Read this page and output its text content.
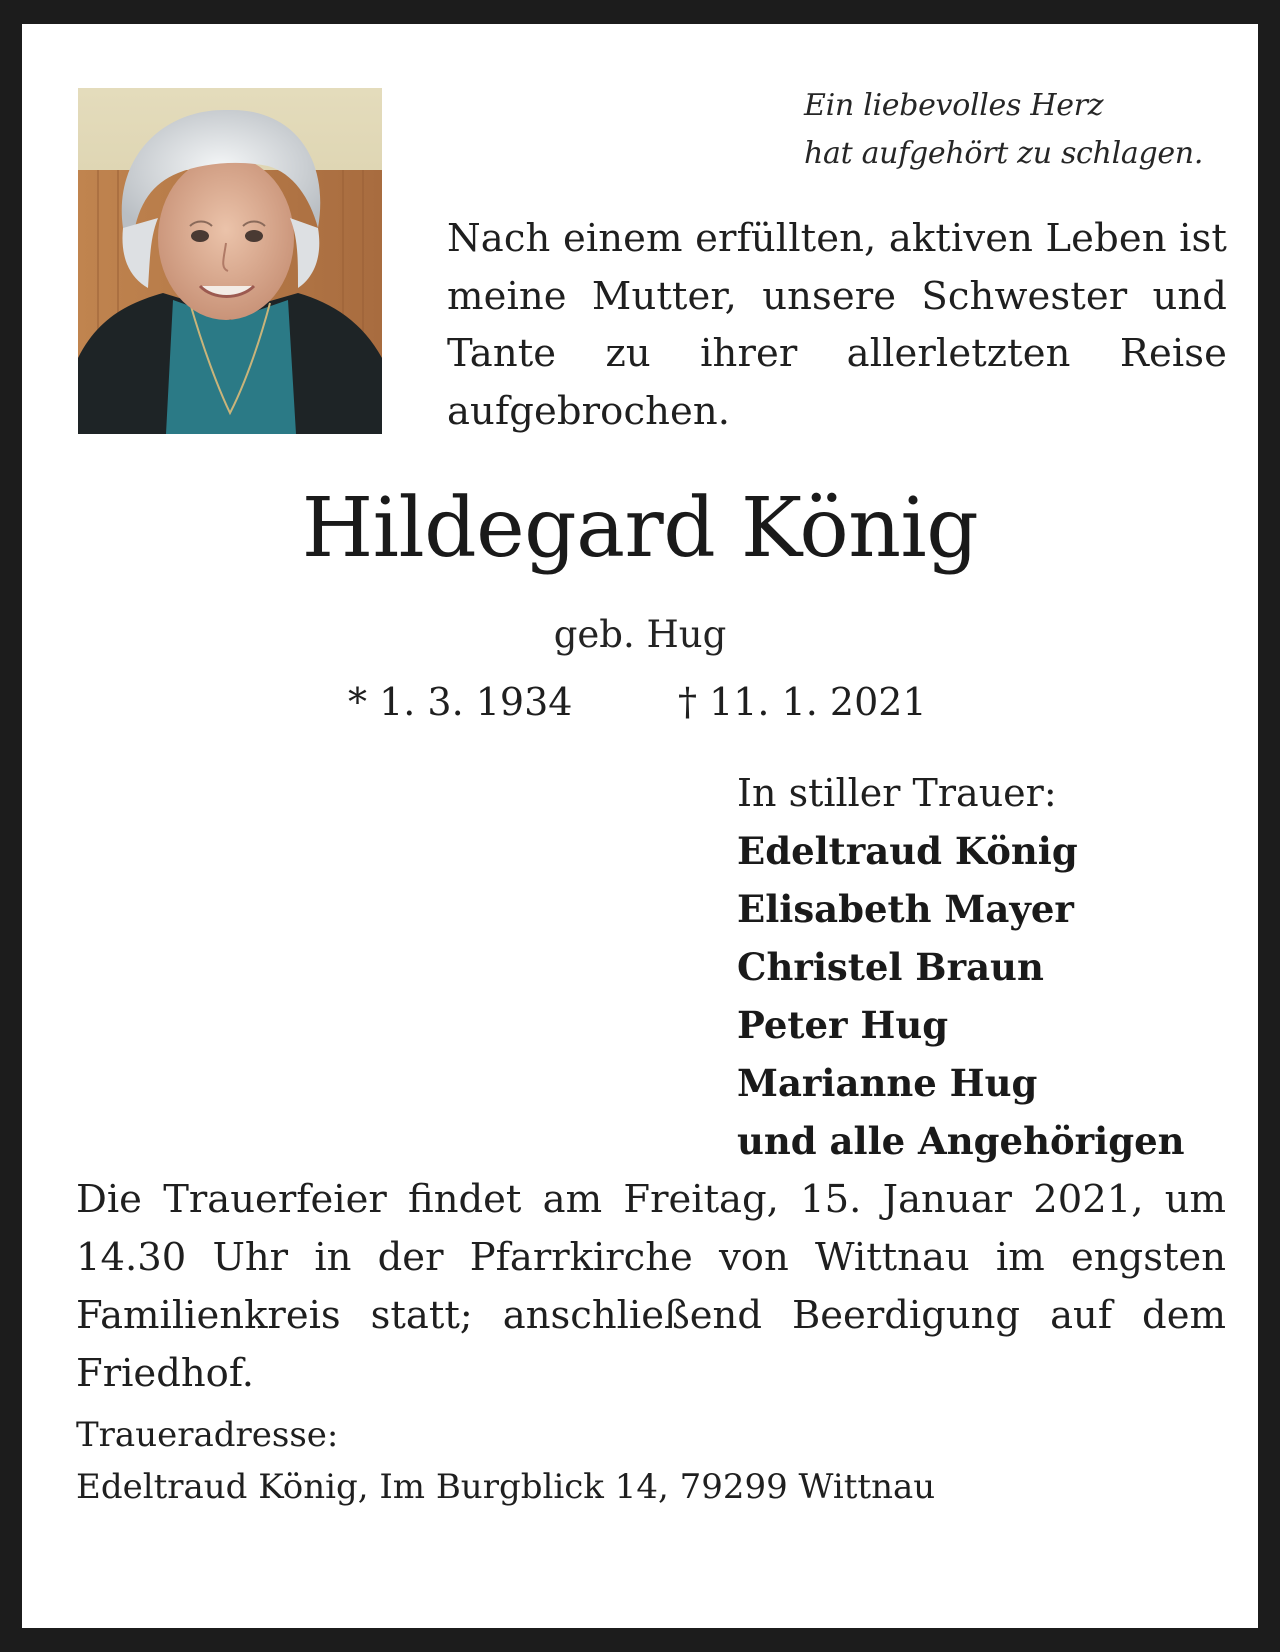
Ein liebevolles Herz
hat aufgehört zu schlagen.
Nach einem erfüllten, aktiven Leben ist meine Mutter, unsere Schwester und Tante zu ihrer allerletzten Reise aufgebrochen.
Hildegard König
geb. Hug
* 1. 3. 1934	† 11. 1. 2021
In stiller Trauer:
Edeltraud König
Elisabeth Mayer
Christel Braun
Peter Hug
Marianne Hug
und alle Angehörigen
Die Trauerfeier findet am Freitag, 15. Januar 2021, um 14.30 Uhr in der Pfarrkirche von Wittnau im engsten Familienkreis statt; anschließend Beerdigung auf dem Friedhof.
Traueradresse:
Edeltraud König, Im Burgblick 14, 79299 Wittnau
